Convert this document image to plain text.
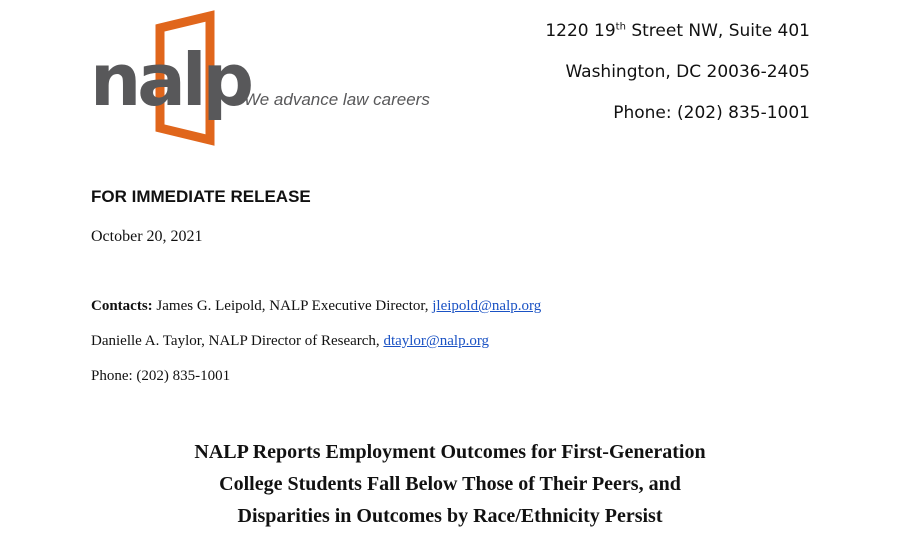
nalp
We advance law careers
1220 19th Street NW, Suite 401
Washington, DC 20036-2405
Phone: (202) 835-1001
FOR IMMEDIATE RELEASE
October 20, 2021
Contacts: James G. Leipold, NALP Executive Director, jleipold@nalp.org
Danielle A. Taylor, NALP Director of Research, dtaylor@nalp.org
Phone: (202) 835-1001
NALP Reports Employment Outcomes for First-Generation
College Students Fall Below Those of Their Peers, and
Disparities in Outcomes by Race/Ethnicity Persist
